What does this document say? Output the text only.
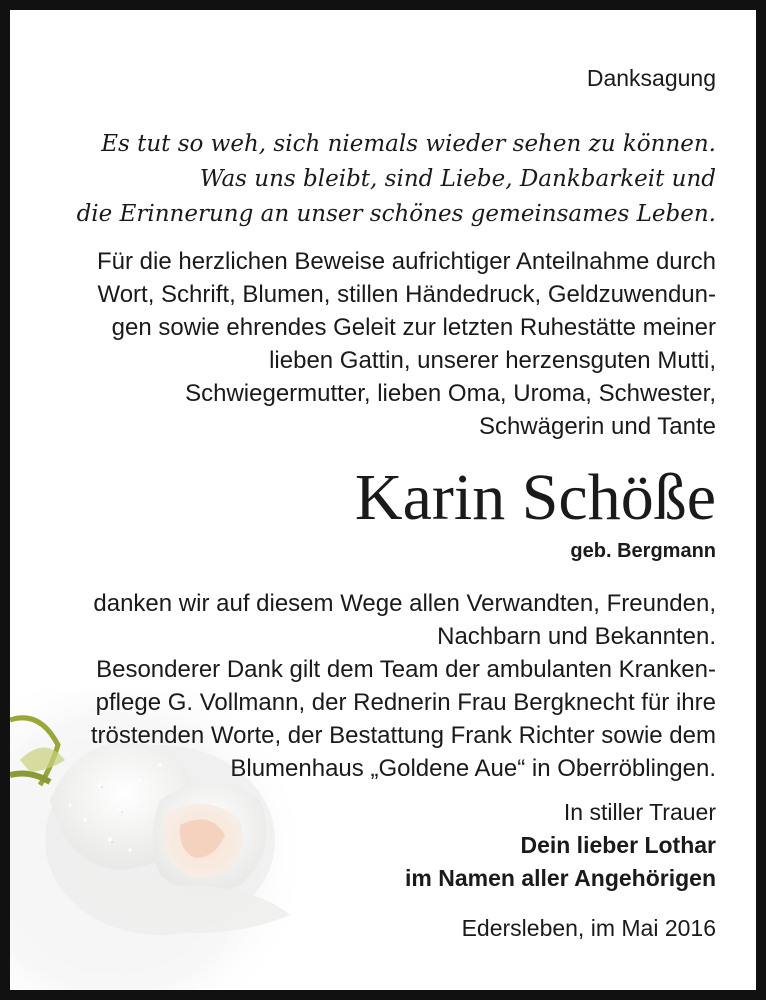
Danksagung
Es tut so weh, sich niemals wieder sehen zu können.
Was uns bleibt, sind Liebe, Dankbarkeit und
die Erinnerung an unser schönes gemeinsames Leben.
Für die herzlichen Beweise aufrichtiger Anteilnahme durch
Wort, Schrift, Blumen, stillen Händedruck, Geldzuwendun-
gen sowie ehrendes Geleit zur letzten Ruhestätte meiner
lieben Gattin, unserer herzensguten Mutti,
Schwiegermutter, lieben Oma, Uroma, Schwester,
Schwägerin und Tante
Karin Schöße
geb. Bergmann
danken wir auf diesem Wege allen Verwandten, Freunden,
Nachbarn und Bekannten.
Besonderer Dank gilt dem Team der ambulanten Kranken-
pflege G. Vollmann, der Rednerin Frau Bergknecht für ihre
tröstenden Worte, der Bestattung Frank Richter sowie dem
Blumenhaus „Goldene Aue“ in Oberröblingen.
In stiller Trauer
Dein lieber Lothar
im Namen aller Angehörigen
Edersleben, im Mai 2016
